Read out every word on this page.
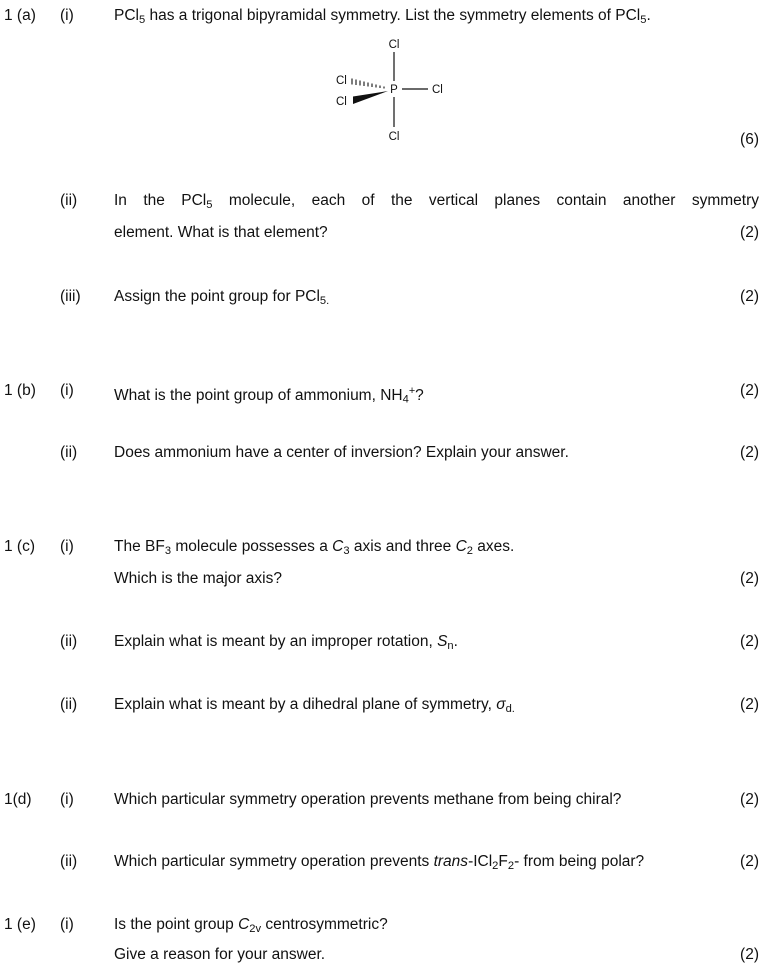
1 (a) (i)	PCl$_5$ has a trigonal bipyramidal symmetry. List the symmetry elements of PCl$_5$.
Cl
P	Cl
Cl
Cl
Cl	(6)
(ii) In the PCl$_5$ molecule, each of the vertical planes contain another symmetry
element. What is that element?	(2)
(iii) Assign the point group for PCl$_{5.}$	(2)
1 (b) (i)	What is the point group of ammonium, $NH_4^+$?	(2)
(ii) Does ammonium have a center of inversion? Explain your answer.	(2)
1 (c) (i)	The $BF_3$ molecule possesses a $C_3$ axis and three $C_2$ axes.
Which is the major axis?	(2)
(ii) Explain what is meant by an improper rotation, $S_n$.	(2)
(ii) Explain what is meant by a dihedral plane of symmetry, $\sigma_{d.}$	(2)
1(d) (i)	Which particular symmetry operation prevents methane from being chiral?	(2)
(ii) Which particular symmetry operation prevents trans-$ICl_2F_2-$ from being polar?	(2)
1 (e) (i)	Is the point group $C_{2v}$ centrosymmetric?
Give a reason for your answer.	(2)
